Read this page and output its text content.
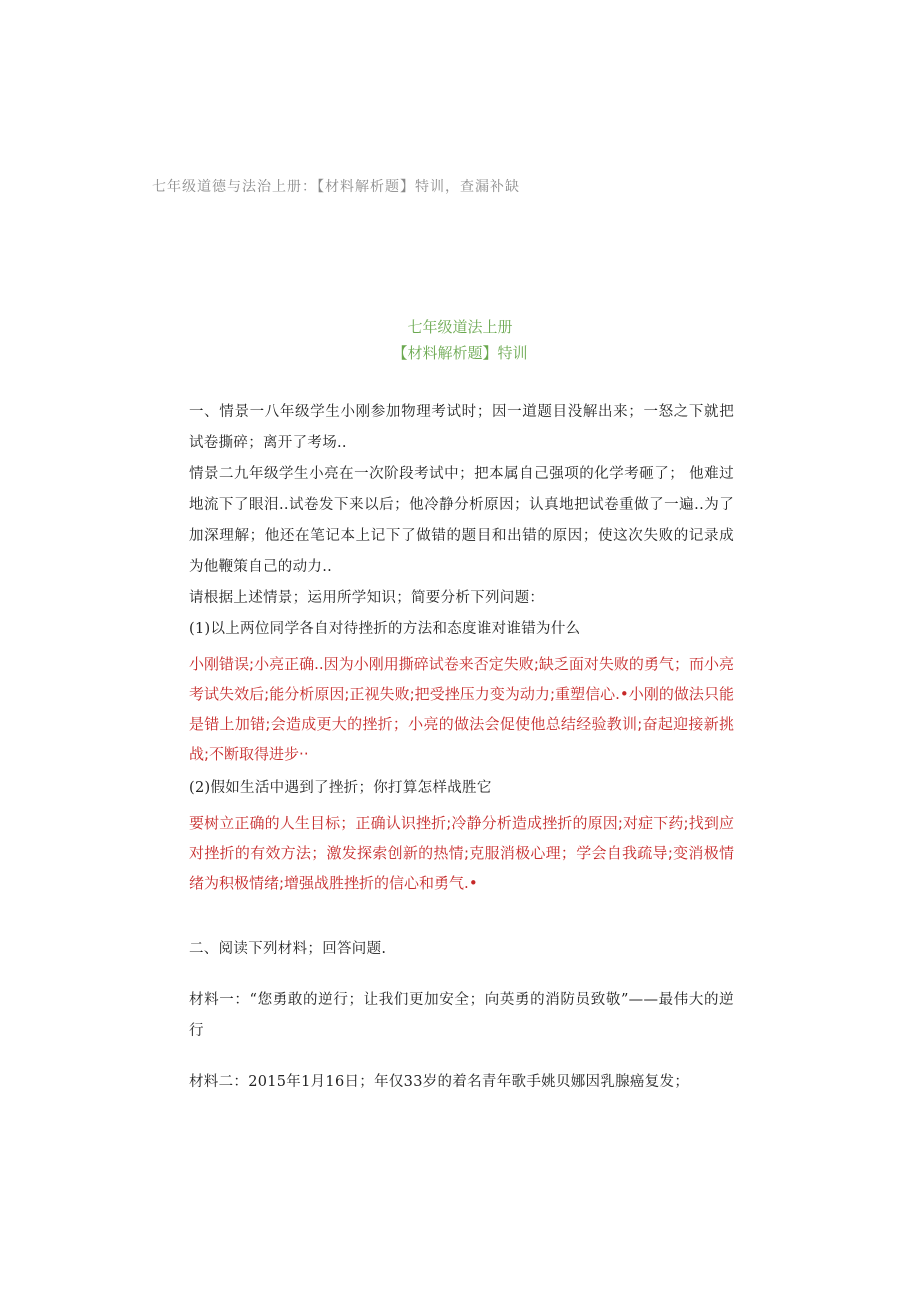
七年级道德与法治上册：【材料解析题】特训，查漏补缺
七年级道法上册
【材料解析题】特训

一、情景一八年级学生小刚参加物理考试时；因一道题目没解出来；一怒之下就把试卷撕碎；离开了考场..

情景二九年级学生小亮在一次阶段考试中；把本属自己强项的化学考砸了； 他难过地流下了眼泪..试卷发下来以后；他冷静分析原因；认真地把试卷重做了一遍..为了加深理解；他还在笔记本上记下了做错的题目和出错的原因；使这次失败的记录成为他鞭策自己的动力..

请根据上述情景；运用所学知识；简要分析下列问题：

(1)以上两位同学各自对待挫折的方法和态度谁对谁错为什么

小刚错误;小亮正确..因为小刚用撕碎试卷来否定失败;缺乏面对失败的勇气；而小亮考试失效后;能分析原因;正视失败;把受挫压力变为动力;重塑信心.•小刚的做法只能是错上加错;会造成更大的挫折；小亮的做法会促使他总结经验教训;奋起迎接新挑战;不断取得进步··

(2)假如生活中遇到了挫折；你打算怎样战胜它

要树立正确的人生目标；正确认识挫折;冷静分析造成挫折的原因;对症下药;找到应对挫折的有效方法；激发探索创新的热情;克服消极心理；学会自我疏导;变消极情绪为积极情绪;增强战胜挫折的信心和勇气.•

二、阅读下列材料；回答问题.

材料一：“您勇敢的逆行；让我们更加安全；向英勇的消防员致敬”——最伟大的逆行

材料二：2015年1月16日；年仅33岁的着名青年歌手姚贝娜因乳腺癌复发；
